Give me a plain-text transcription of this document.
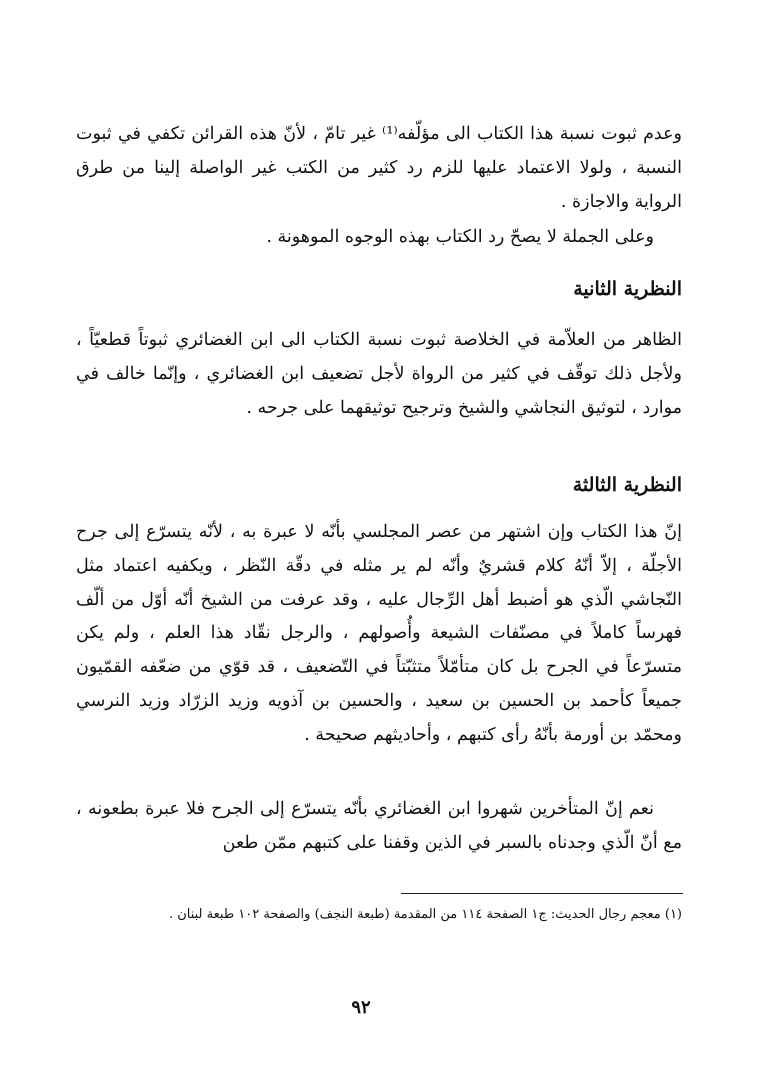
وعدم ثبوت نسبة هذا الكتاب الى مؤلّفه⁽¹⁾ غير تامّ ، لأنّ هذه القرائن تكفي في ثبوت النسبة ، ولولا الاعتماد عليها للزم رد كثير من الكتب غير الواصلة إلينا من طرق الرواية والاجازة .

وعلى الجملة لا يصحّ رد الكتاب بهذه الوجوه الموهونة .

النظرية الثانية

الظاهر من العلاّمة في الخلاصة ثبوت نسبة الكتاب الى ابن الغضائري ثبوتاً قطعيّاً ، ولأجل ذلك توقّف في كثير من الرواة لأجل تضعيف ابن الغضائري ، وإنّما خالف في موارد ، لتوثيق النجاشي والشيخ وترجيح توثيقهما على جرحه .

النظرية الثالثة

إنّ هذا الكتاب وإن اشتهر من عصر المجلسي بأنّه لا عبرة به ، لأنّه يتسرّع إلى جرح الأجلّة ، إلاّ أنّهُ كلام قشريٌ وأنّه لم ير مثله في دقّة النّظر ، ويكفيه اعتماد مثل النّجاشي الّذي هو أضبط أهل الرِّجال عليه ، وقد عرفت من الشيخ أنّه أوّل من ألّف فهرساً كاملاً في مصنّفات الشيعة وأُصولهم ، والرجل نقّاد هذا العلم ، ولم يكن متسرّعاً في الجرح بل كان متأمّلاً متثبّتاً في التّضعيف ، قد قوّي من ضعّفه القمّيون جميعاً كأحمد بن الحسين بن سعيد ، والحسين بن آذويه وزيد الزرّاد وزيد النرسي ومحمّد بن أورمة بأنّهُ رأى كتبهم ، وأحاديثهم صحيحة .

نعم إنّ المتأخرين شهروا ابن الغضائري بأنّه يتسرّع إلى الجرح فلا عبرة بطعونه ، مع أنّ الّذي وجدناه بالسبر في الذين وقفنا على كتبهم ممّن طعن

(١) معجم رجال الحديث: ج١ الصفحة ١١٤ من المقدمة (طبعة النجف) والصفحة ١٠٢ طبعة لبنان .
٩٢
